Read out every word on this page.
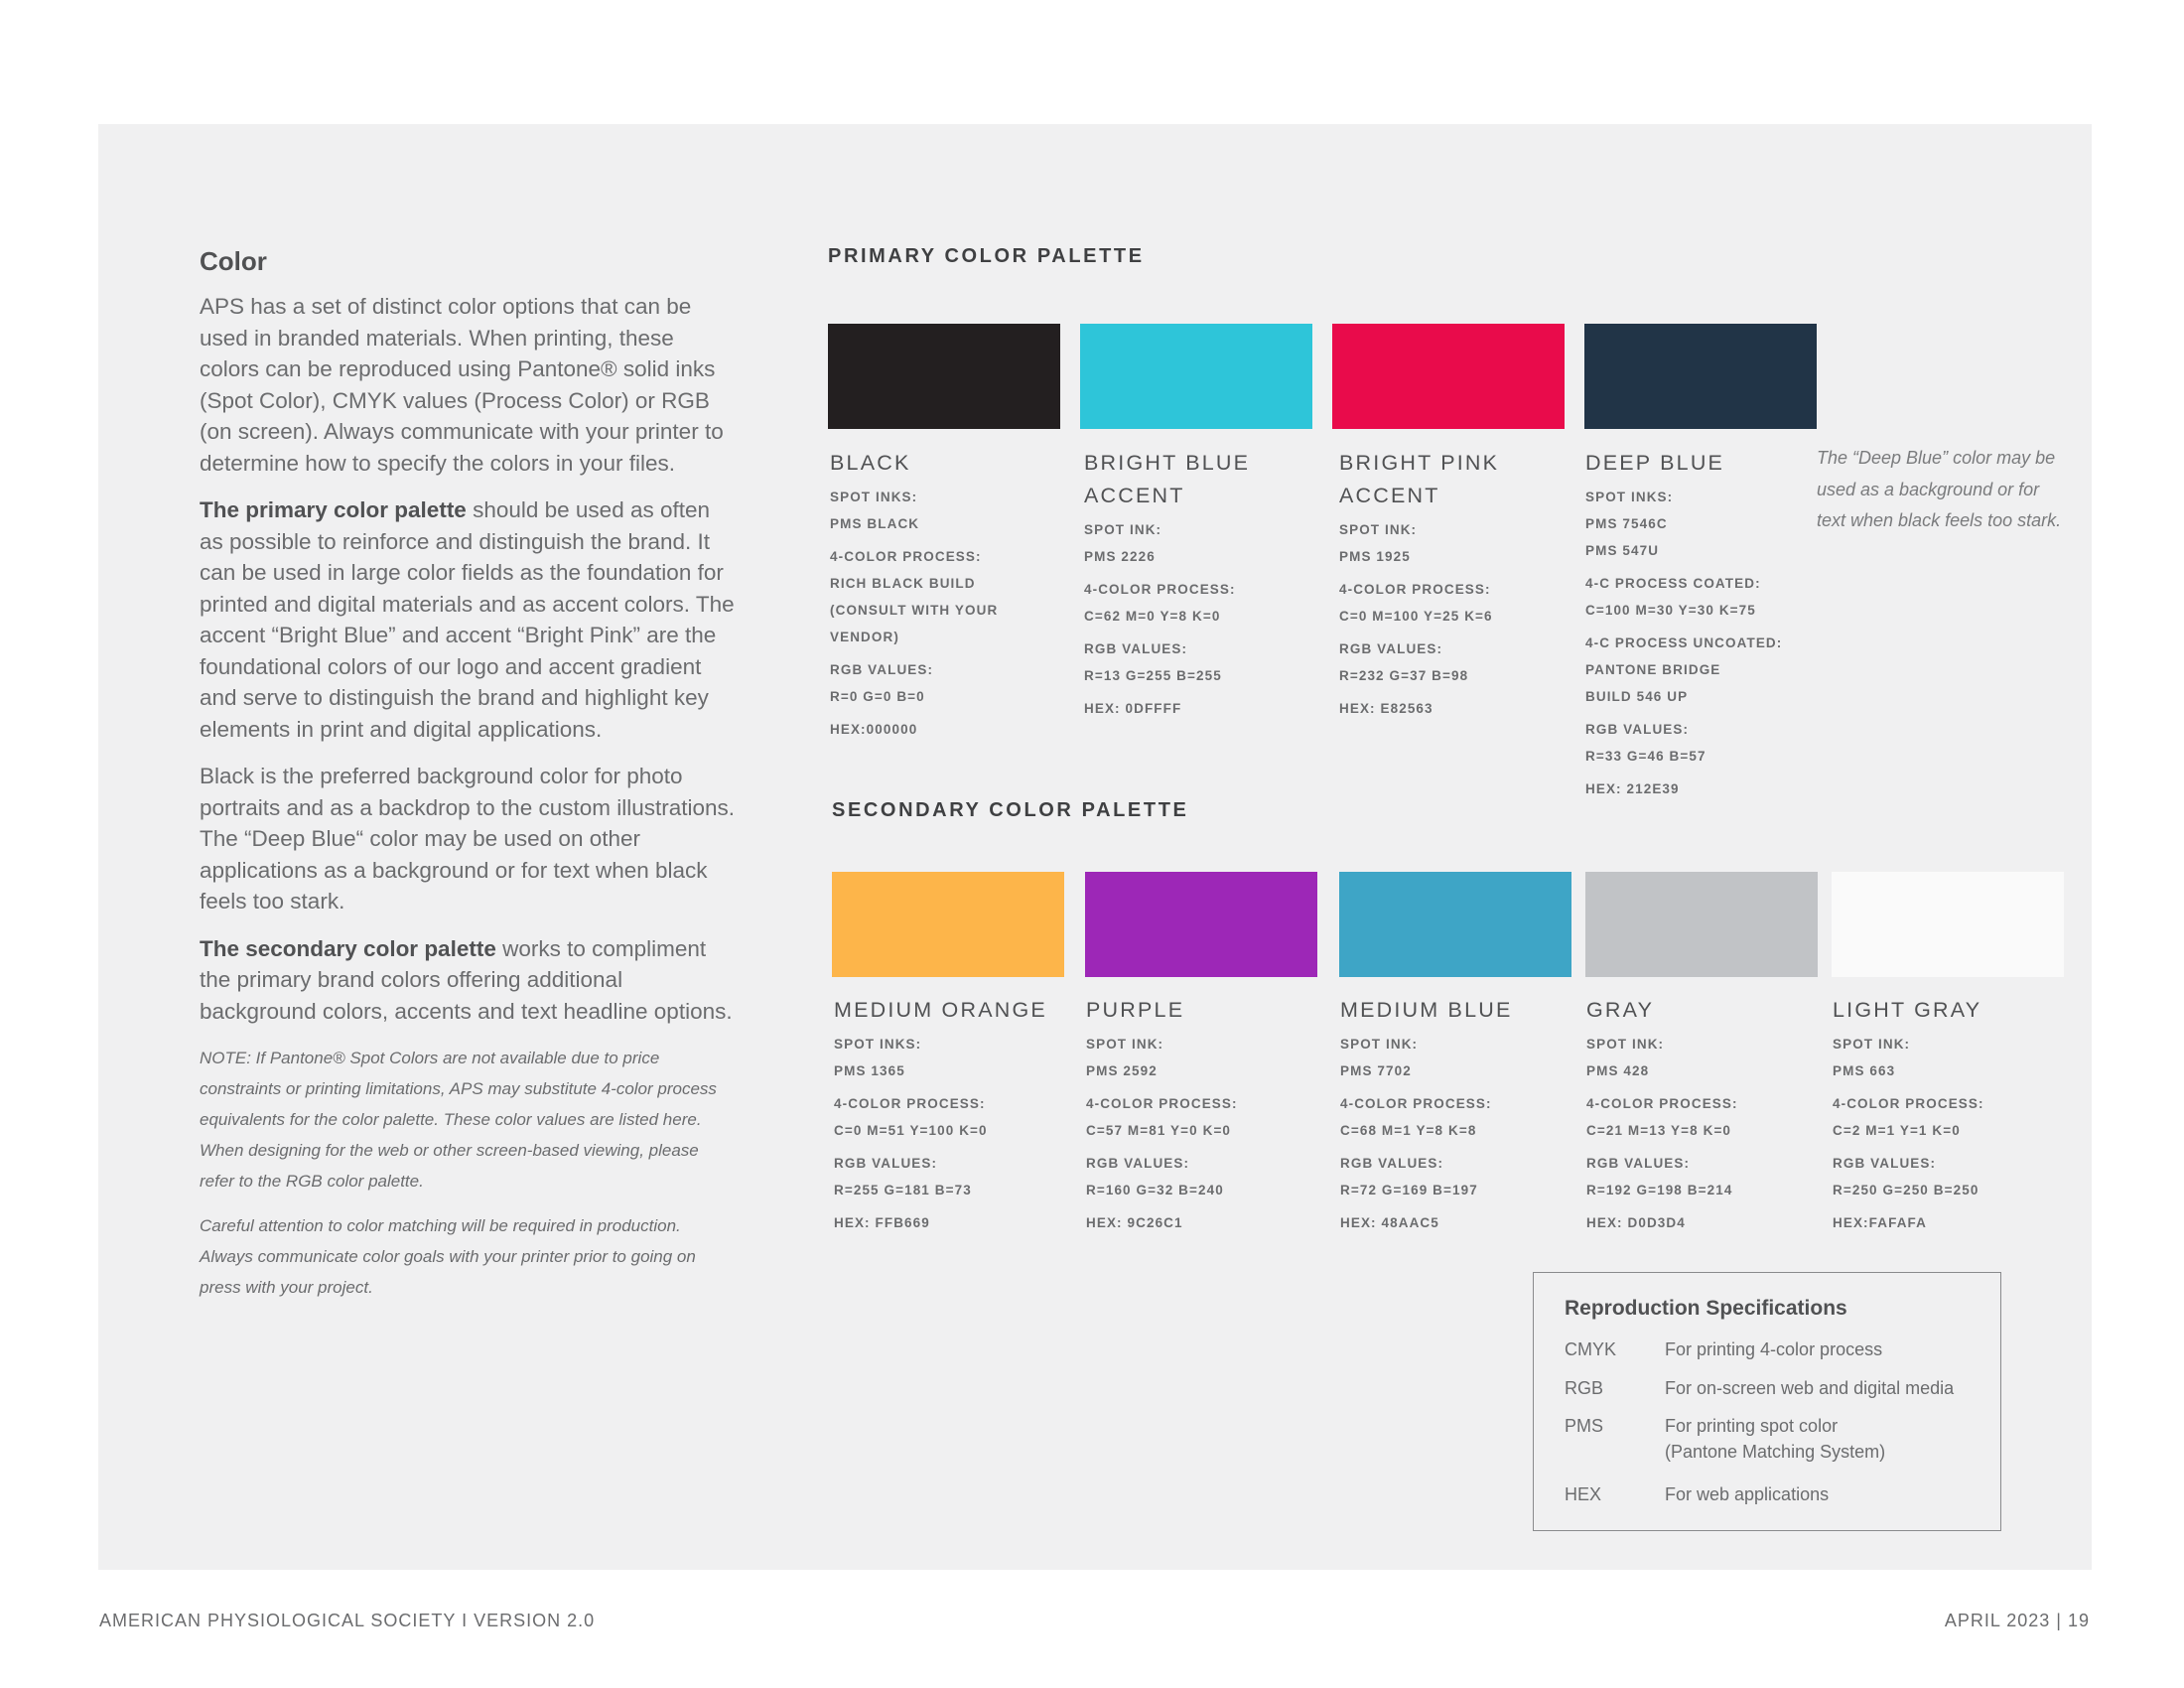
Color

APS has a set of distinct color options that can be used in branded materials. When printing, these colors can be reproduced using Pantone® solid inks (Spot Color), CMYK values (Process Color) or RGB (on screen). Always communicate with your printer to determine how to specify the colors in your files.

The primary color palette should be used as often as possible to reinforce and distinguish the brand. It can be used in large color fields as the foundation for printed and digital materials and as accent colors. The accent “Bright Blue” and accent “Bright Pink” are the foundational colors of our logo and accent gradient and serve to distinguish the brand and highlight key elements in print and digital applications.

Black is the preferred background color for photo portraits and as a backdrop to the custom illustrations. The “Deep Blue“ color may be used on other applications as a background or for text when black feels too stark.

The secondary color palette works to compliment the primary brand colors offering additional background colors, accents and text headline options.

NOTE: If Pantone® Spot Colors are not available due to price constraints or printing limitations, APS may substitute 4-color process equivalents for the color palette. These color values are listed here. When designing for the web or other screen-based viewing, please refer to the RGB color palette.

Careful attention to color matching will be required in production. Always communicate color goals with your printer prior to going on press with your project.

PRIMARY COLOR PALETTE
BLACK
SPOT INKS:
PMS BLACK
4-COLOR PROCESS:
RICH BLACK BUILD
(CONSULT WITH YOUR
VENDOR)
RGB VALUES:
R=0 G=0 B=0
HEX:000000
BRIGHT BLUE
ACCENT
SPOT INK:
PMS 2226
4-COLOR PROCESS:
C=62 M=0 Y=8 K=0
RGB VALUES:
R=13 G=255 B=255
HEX: 0DFFFF
BRIGHT PINK
ACCENT
SPOT INK:
PMS 1925
4-COLOR PROCESS:
C=0 M=100 Y=25 K=6
RGB VALUES:
R=232 G=37 B=98
HEX: E82563
DEEP BLUE
SPOT INKS:
PMS 7546C
PMS 547U
4-C PROCESS COATED:
C=100 M=30 Y=30 K=75
4-C PROCESS UNCOATED:
PANTONE BRIDGE
BUILD 546 UP
RGB VALUES:
R=33 G=46 B=57
HEX: 212E39
The “Deep Blue” color may be used as a background or for text when black feels too stark.
SECONDARY COLOR PALETTE
MEDIUM ORANGE
SPOT INKS:
PMS 1365
4-COLOR PROCESS:
C=0 M=51 Y=100 K=0
RGB VALUES:
R=255 G=181 B=73
HEX: FFB669
PURPLE
SPOT INK:
PMS 2592
4-COLOR PROCESS:
C=57 M=81 Y=0 K=0
RGB VALUES:
R=160 G=32 B=240
HEX: 9C26C1
MEDIUM BLUE
SPOT INK:
PMS 7702
4-COLOR PROCESS:
C=68 M=1 Y=8 K=8
RGB VALUES:
R=72 G=169 B=197
HEX: 48AAC5
GRAY
SPOT INK:
PMS 428
4-COLOR PROCESS:
C=21 M=13 Y=8 K=0
RGB VALUES:
R=192 G=198 B=214
HEX: D0D3D4
LIGHT GRAY
SPOT INK:
PMS 663
4-COLOR PROCESS:
C=2 M=1 Y=1 K=0
RGB VALUES:
R=250 G=250 B=250
HEX:FAFAFA
Reproduction Specifications
CMYK	For printing 4-color process
RGB	For on-screen web and digital media
PMS	For printing spot color
(Pantone Matching System)
HEX	For web applications
AMERICAN PHYSIOLOGICAL SOCIETY I VERSION 2.0	APRIL 2023 | 19
